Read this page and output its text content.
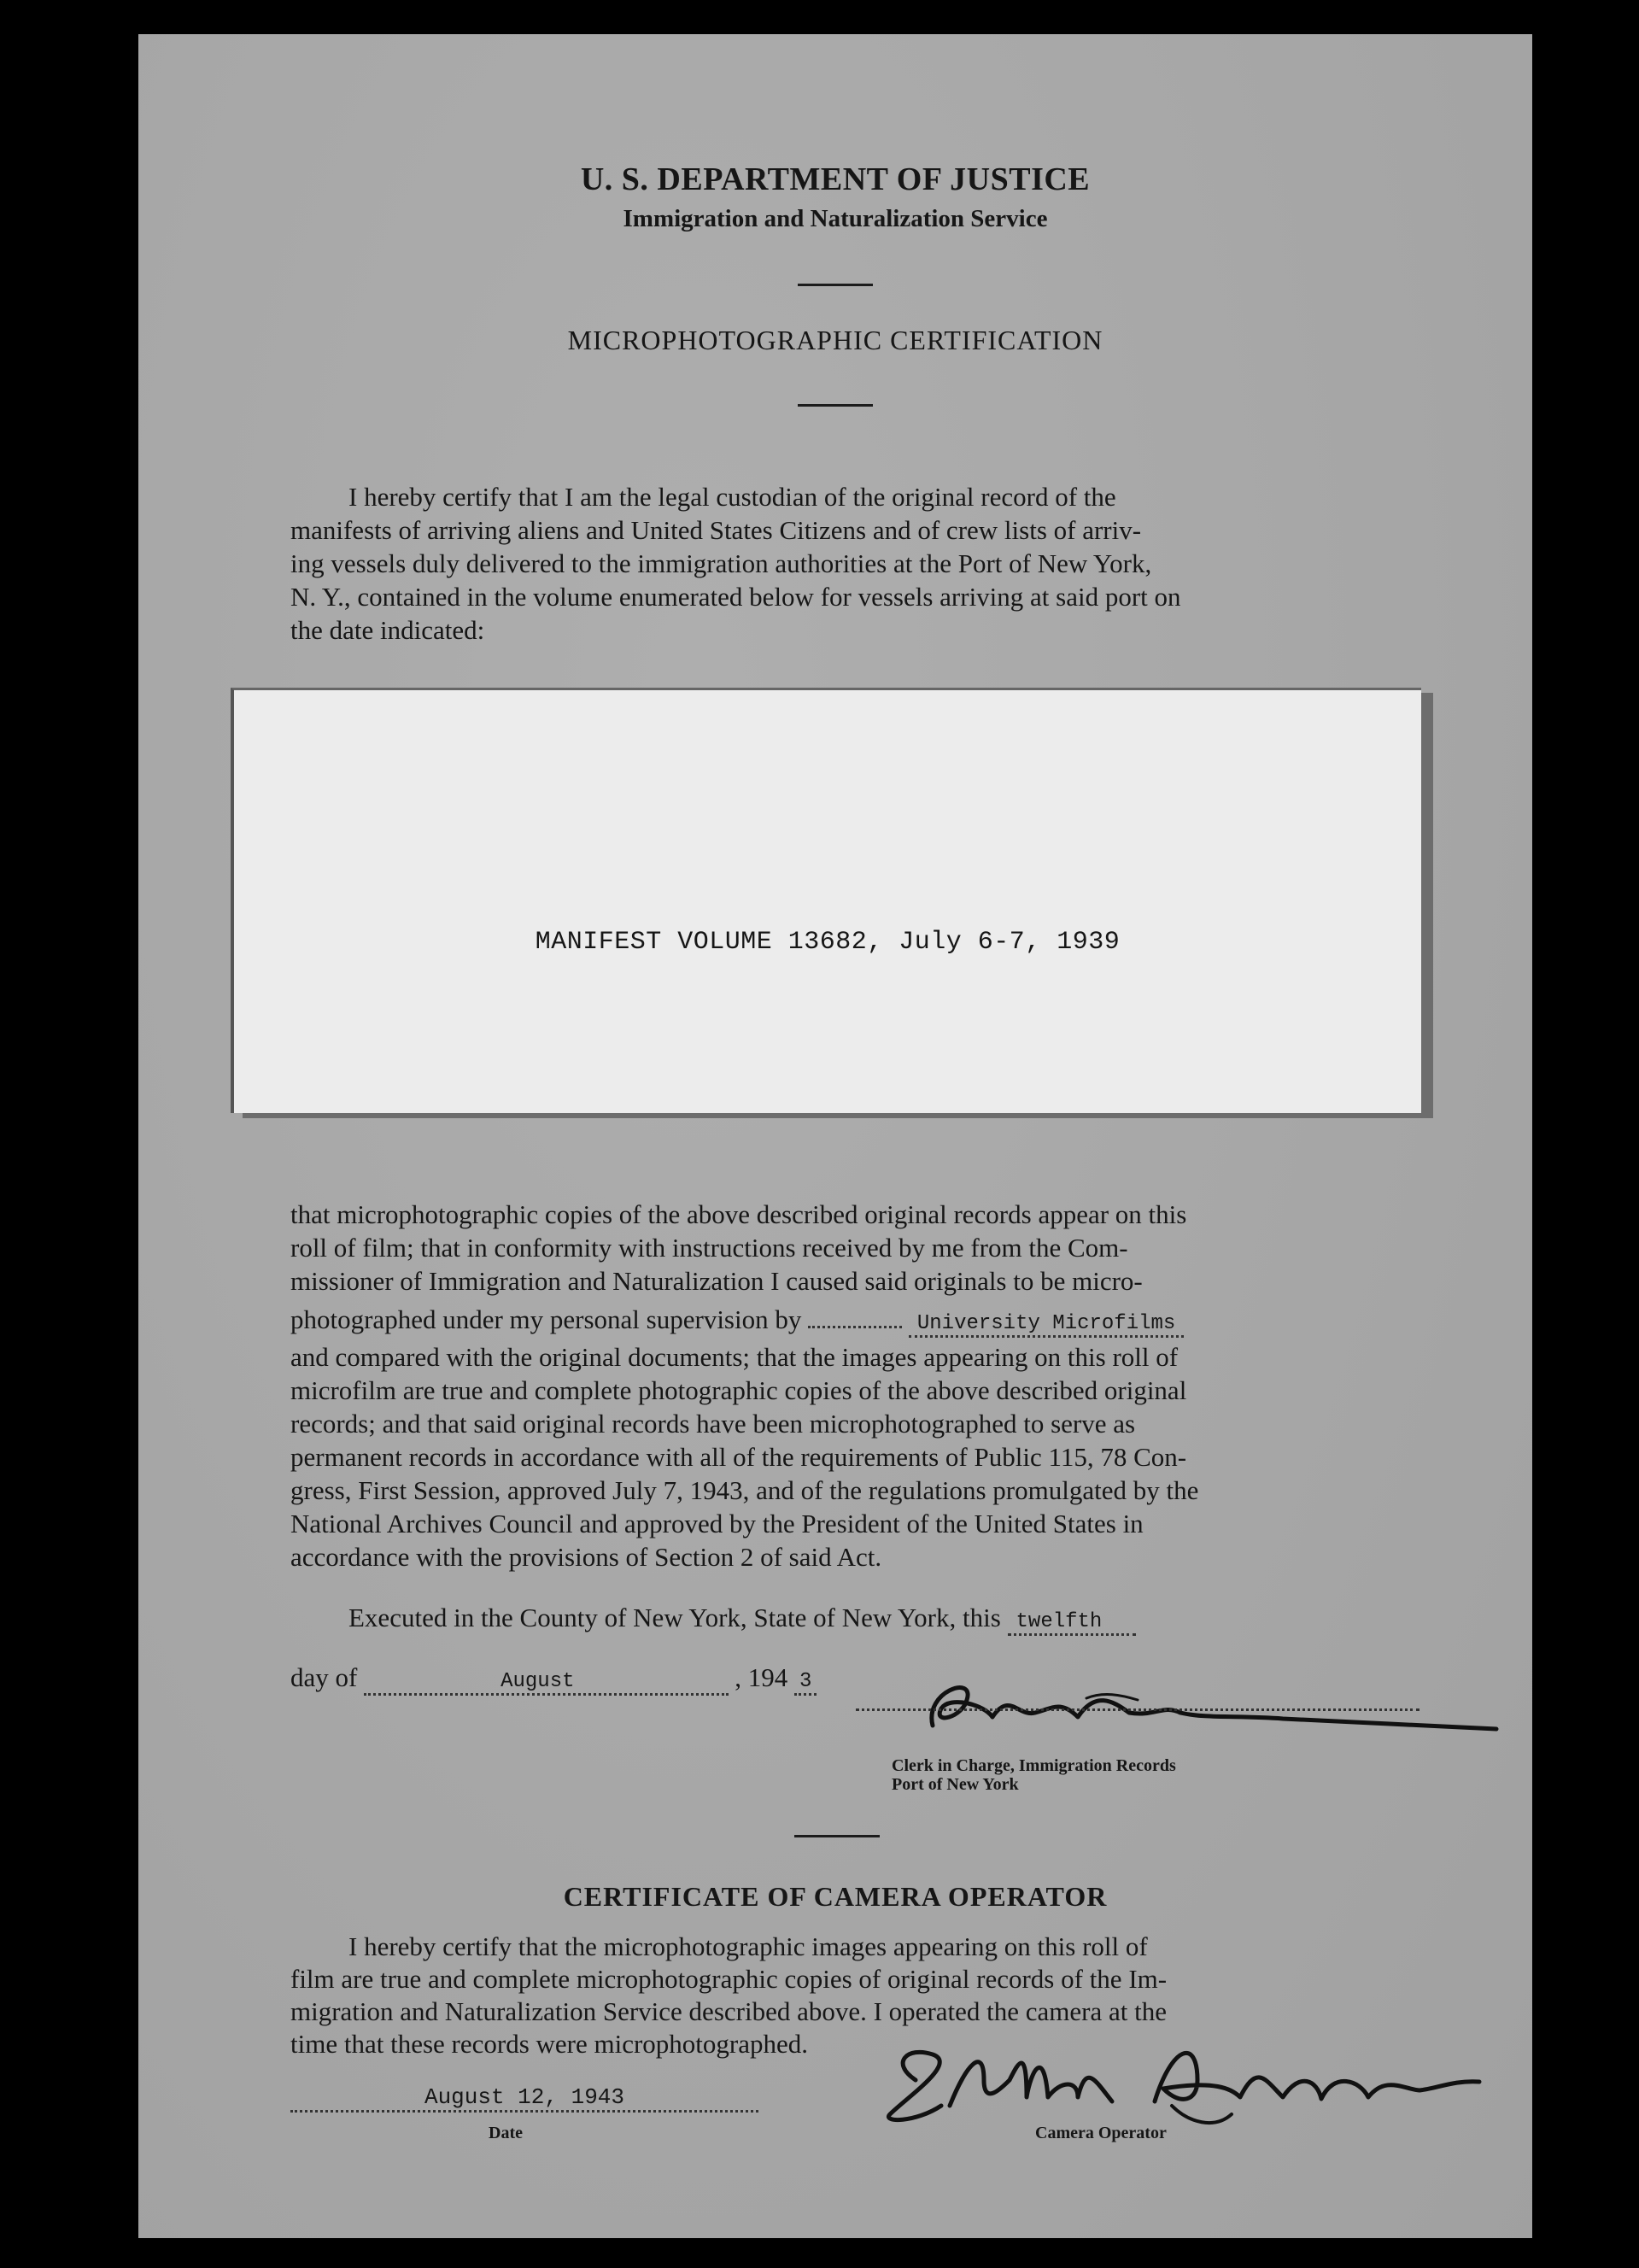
U. S. DEPARTMENT OF JUSTICE
Immigration and Naturalization Service
MICROPHOTOGRAPHIC CERTIFICATION
I hereby certify that I am the legal custodian of the original record of the
manifests of arriving aliens and United States Citizens and of crew lists of arriv-
ing vessels duly delivered to the immigration authorities at the Port of New York,
N. Y., contained in the volume enumerated below for vessels arriving at said port on
the date indicated:
MANIFEST VOLUME 13682, July 6-7, 1939
that microphotographic copies of the above described original records appear on this
roll of film; that in conformity with instructions received by me from the Com-
missioner of Immigration and Naturalization I caused said originals to be micro-
photographed under my personal supervision by	University Microfilms
and compared with the original documents; that the images appearing on this roll of
microfilm are true and complete photographic copies of the above described original
records; and that said original records have been microphotographed to serve as
permanent records in accordance with all of the requirements of Public 115, 78 Con-
gress, First Session, approved July 7, 1943, and of the regulations promulgated by the
National Archives Council and approved by the President of the United States in
accordance with the provisions of Section 2 of said Act.
Executed in the County of New York, State of New York, this twelfth
day of	August	, 194 3
Clerk in Charge, Immigration Records
Port of New York
CERTIFICATE OF CAMERA OPERATOR
I hereby certify that the microphotographic images appearing on this roll of
film are true and complete microphotographic copies of original records of the Im-
migration and Naturalization Service described above. I operated the camera at the
time that these records were microphotographed.
August 12, 1943
Date	Camera Operator
